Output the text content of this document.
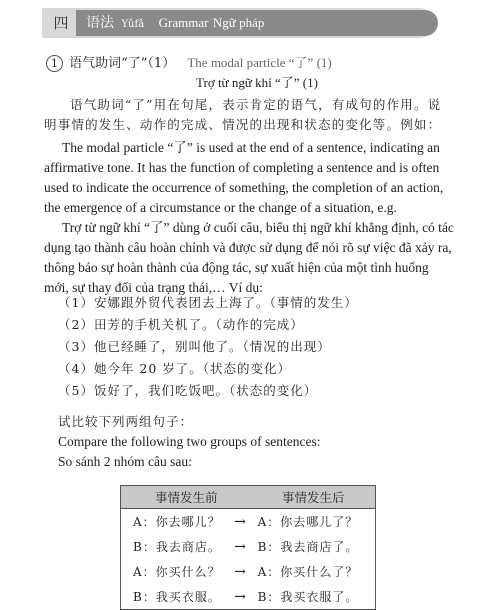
四	语法 Yǔfǎ Grammar Ngữ pháp
1 语气助词“了”（1） The modal particle “了” (1)
Trợ từ ngữ khí “了” (1)

语气助词“了”用在句尾，表示肯定的语气，有成句的作用。说明事情的发生、动作的完成、情况的出现和状态的变化等。例如：

The modal particle “了” is used at the end of a sentence, indicating an affirmative tone. It has the function of completing a sentence and is often used to indicate the occurrence of something, the completion of an action, the emergence of a circumstance or the change of a situation, e.g.

Trợ từ ngữ khí “了” dùng ở cuối câu, biểu thị ngữ khí khẳng định, có tác dụng tạo thành câu hoàn chỉnh và được sử dụng để nói rõ sự việc đã xảy ra, thông báo sự hoàn thành của động tác, sự xuất hiện của một tình huống mới, sự thay đổi của trạng thái,… Ví dụ:

（1）安娜跟外贸代表团去上海了。（事情的发生）
（2）田芳的手机关机了。（动作的完成）
（3）他已经睡了，别叫他了。（情况的出现）
（4）她今年 20 岁了。（状态的变化）
（5）饭好了，我们吃饭吧。（状态的变化）
试比较下列两组句子：
Compare the following two groups of sentences:
So sánh 2 nhóm câu sau:
事情发生前		事情发生后
A：你去哪儿？	→	A：你去哪儿了？
B：我去商店。	→	B：我去商店了。
A：你买什么？	→	A：你买什么了？
B：我买衣服。	→	B：我买衣服了。
